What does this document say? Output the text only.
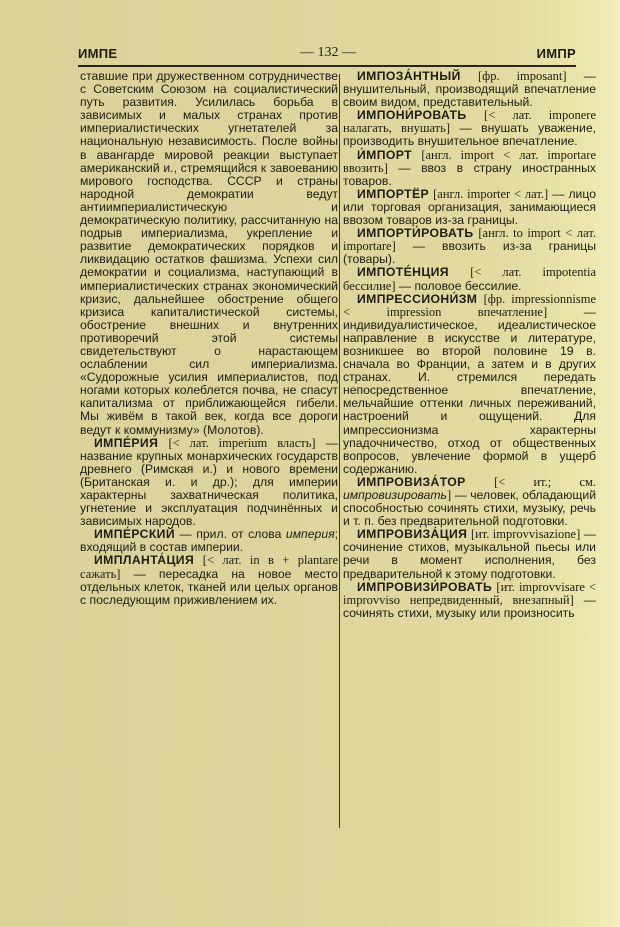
ИМПЕ	— 132 —	ИМПР

ставшие при дружественном сотрудничестве с Советским Союзом на социалистический путь развития. Усилилась борьба в зависимых и малых странах против империалистических угнетателей за национальную независимость. После войны в авангарде мировой реакции выступает американский и., стремящийся к завоеванию мирового господства. СССР и страны народной демократии ведут антиимпериалистическую и демократическую политику, рассчитанную на подрыв империализма, укрепление и развитие демократических порядков и ликвидацию остатков фашизма. Успехи сил демократии и социализма, наступающий в империалистических странах экономический кризис, дальнейшее обострение общего кризиса капиталистической системы, обострение внешних и внутренних противоречий этой системы свидетельствуют о нарастающем ослаблении сил империализма. «Судорожные усилия империалистов, под ногами которых колеблется почва, не спасут капитализма от приближающейся гибели. Мы живём в такой век, когда все дороги ведут к коммунизму» (Молотов).

ИМПЕ́РИЯ [< лат. imperium власть] — название крупных монархических государств древнего (Римская и.) и нового времени (Британская и. и др.); для империи характерны захватническая политика, угнетение и эксплуатация подчинённых и зависимых народов.

ИМПЕ́РСКИЙ — прил. от слова империя; входящий в состав империи.

ИМПЛАНТА́ЦИЯ [< лат. in в + plantare сажать] — пересадка на новое место отдельных клеток, тканей или целых органов с последующим приживлением их.

ИМПОЗА́НТНЫЙ [фр. imposant] — внушительный, производящий впечатление своим видом, представительный.

ИМПОНИ́РОВАТЬ [< лат. imponere налагать, внушать] — внушать уважение, производить внушительное впечатление.

И́МПОРТ [англ. import < лат. importare ввозить] — ввоз в страну иностранных товаров.

ИМПОРТЁР [англ. importer < лат.] — лицо или торговая организация, занимающиеся ввозом товаров из-за границы.

ИМПОРТИ́РОВАТЬ [англ. to import < лат. importare] — ввозить из-за границы (товары).

ИМПОТЕ́НЦИЯ [< лат. impotentia бессилие] — половое бессилие.

ИМПРЕССИОНИ́ЗМ [фр. impressionnisme < impression впечатление] — индивидуалистическое, идеалистическое направление в искусстве и литературе, возникшее во второй половине 19 в. сначала во Франции, а затем и в других странах. И. стремился передать непосредственное впечатление, мельчайшие оттенки личных переживаний, настроений и ощущений. Для импрессионизма характерны упадочничество, отход от общественных вопросов, увлечение формой в ущерб содержанию.

ИМПРОВИЗА́ТОР [< ит.; см. импровизировать] — человек, обладающий способностью сочинять стихи, музыку, речь и т. п. без предварительной подготовки.

ИМПРОВИЗА́ЦИЯ [ит. improvvisazione] — сочинение стихов, музыкальной пьесы или речи в момент исполнения, без предварительной к этому подготовки.

ИМПРОВИЗИ́РОВАТЬ [ит. improvvisare < improvviso непредвиденный, внезапный] — сочинять стихи, музыку или произносить
